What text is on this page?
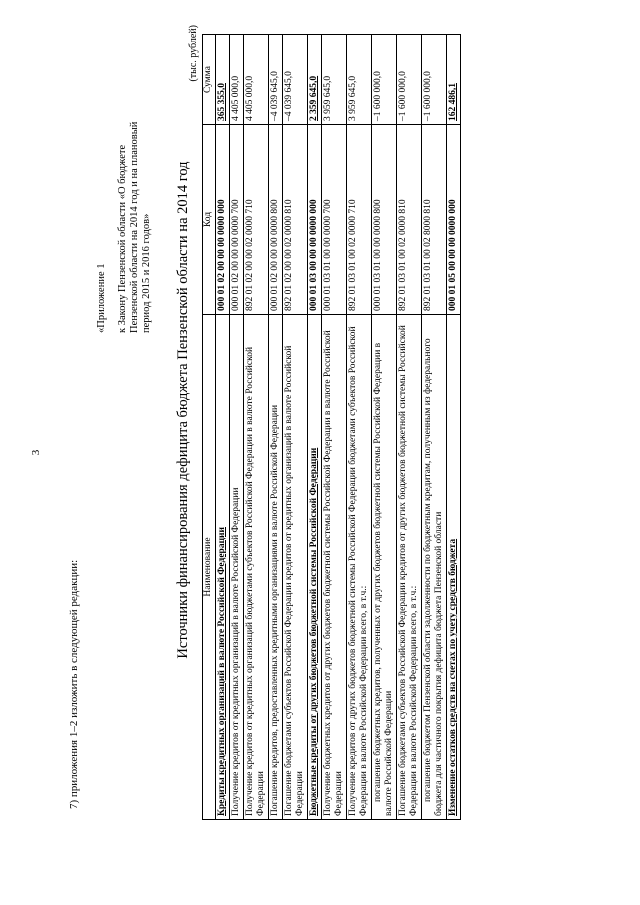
3
7) приложения 1–2 изложить в следующей редакции:
«Приложение 1 к Закону Пензенской области «О бюджете Пензенской области на 2014 год и на плановый период 2015 и 2016 годов» Источники финансирования дефицита бюджета Пензенской области на 2014 год
(тыс. рублей)
Наименование	Код	Сумма
Кредиты кредитных организаций в валюте Российской Федерации	000 01 02 00 00 00 0000 000	365 355,0
Получение кредитов от кредитных организаций в валюте Российской Федерации	000 01 02 00 00 00 0000 700	4 405 000,0
Получение кредитов от кредитных организаций бюджетами субъектов Российской Федерации в валюте Российской Федерации	892 01 02 00 00 02 0000 710	4 405 000,0
Погашение кредитов, предоставленных кредитными организациями в валюте Российской Федерации	000 01 02 00 00 00 0000 800	–4 039 645,0
Погашение бюджетами субъектов Российской Федерации кредитов от кредитных организаций в валюте Российской Федерации	892 01 02 00 00 02 0000 810	–4 039 645,0
Бюджетные кредиты от других бюджетов бюджетной системы Российской Федерации	000 01 03 00 00 00 0000 000	2 359 645,0
Получение бюджетных кредитов от других бюджетов бюджетной системы Российской Федерации в валюте Российской Федерации	000 01 03 01 00 00 0000 700	3 959 645,0
Получение кредитов от других бюджетов бюджетной системы Российской Федерации бюджетами субъектов Российской Федерации в валюте Российской Федерации всего, в т.ч.:	892 01 03 01 00 02 0000 710	3 959 645,0
погашение бюджетных кредитов, полученных от других бюджетов бюджетной системы Российской Федерации в валюте Российской Федерации	000 01 03 01 00 00 0000 800	–1 600 000,0
Погашение бюджетами субъектов Российской Федерации кредитов от других бюджетов бюджетной системы Российской Федерации в валюте Российской Федерации всего, в т.ч.:	892 01 03 01 00 02 0000 810	–1 600 000,0
погашение бюджетом Пензенской области задолженности по бюджетным кредитам, полученным из федерального бюджета для частичного покрытия дефицита бюджета Пензенской области	892 01 03 01 00 02 8000 810	–1 600 000,0
Изменение остатков средств на счетах по учету средств бюджета	000 01 05 00 00 00 0000 000	162 486,1
